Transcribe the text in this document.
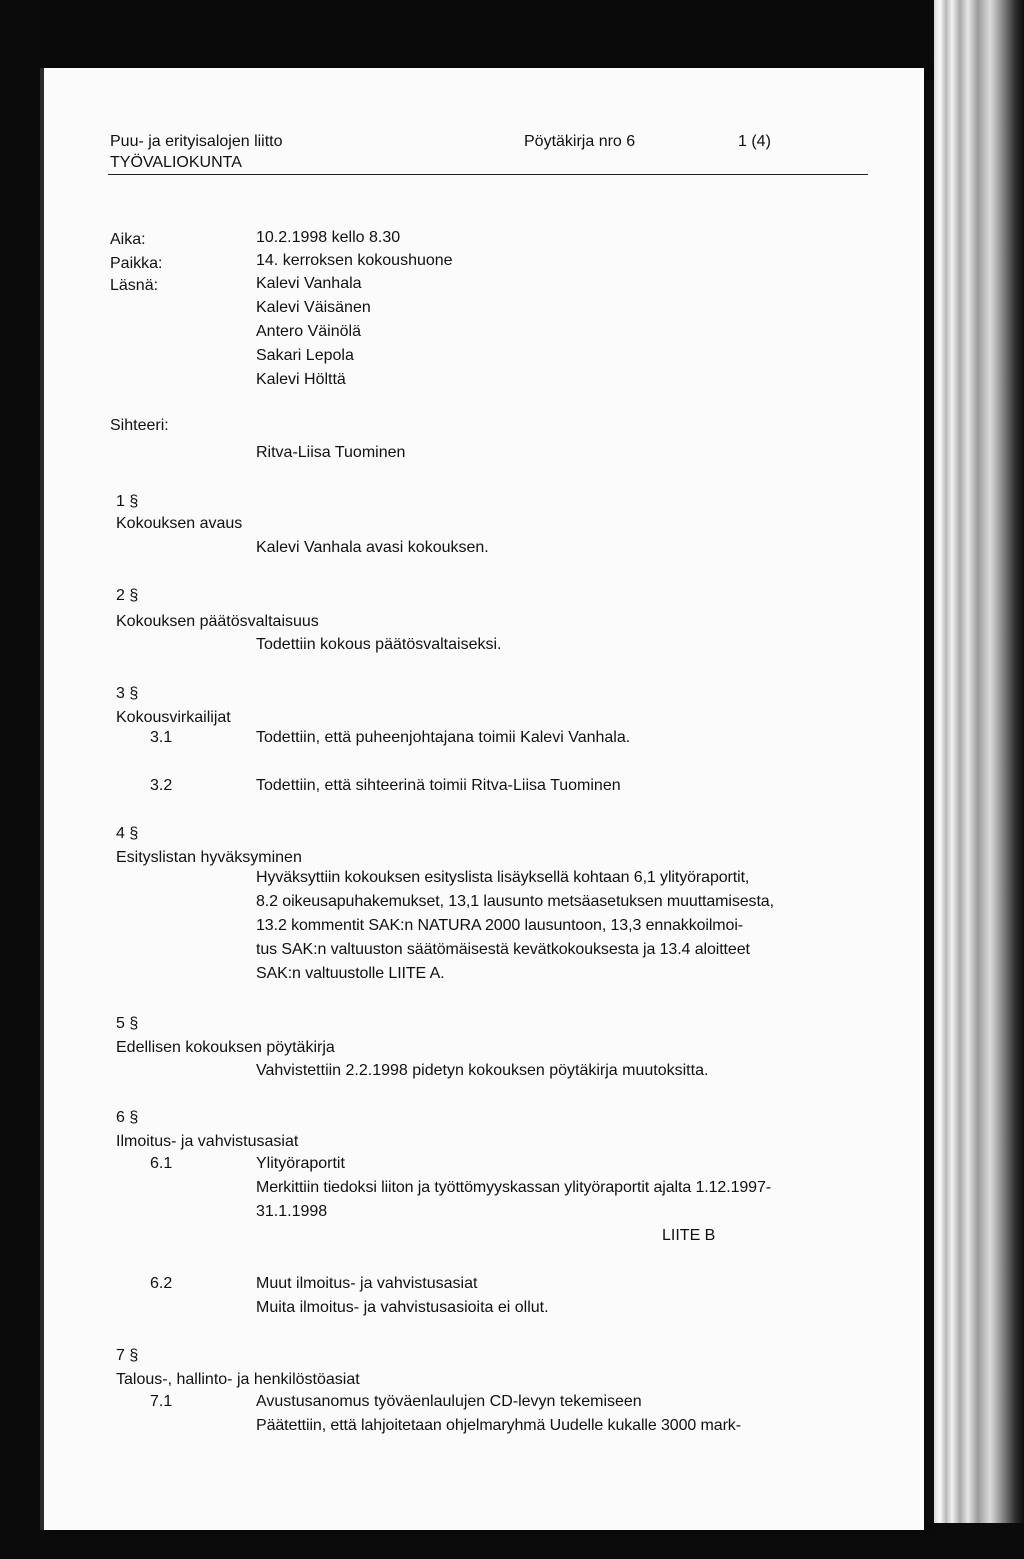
Puu- ja erityisalojen liitto
TYÖVALIOKUNTA
Pöytäkirja nro 6	1 (4)
Aika:	10.2.1998 kello 8.30
Paikka:	14. kerroksen kokoushuone
Läsnä:	Kalevi Vanhala
Kalevi Väisänen
Antero Väinölä
Sakari Lepola
Kalevi Hölttä
Sihteeri:
Ritva-Liisa Tuominen
1 §
Kokouksen avaus
Kalevi Vanhala avasi kokouksen.
2 §
Kokouksen päätösvaltaisuus
Todettiin kokous päätösvaltaiseksi.
3 §
Kokousvirkailijat
3.1	Todettiin, että puheenjohtajana toimii Kalevi Vanhala.
3.2	Todettiin, että sihteerinä toimii Ritva-Liisa Tuominen
4 §
Esityslistan hyväksyminen
Hyväksyttiin kokouksen esityslista lisäyksellä kohtaan 6,1 ylityöraportit,
8.2 oikeusapuhakemukset, 13,1 lausunto metsäasetuksen muuttamisesta,
13.2 kommentit SAK:n NATURA 2000 lausuntoon, 13,3 ennakkoilmoi-
tus SAK:n valtuuston säätömäisestä kevätkokouksesta ja 13.4 aloitteet
SAK:n valtuustolle LIITE A.
5 §
Edellisen kokouksen pöytäkirja
Vahvistettiin 2.2.1998 pidetyn kokouksen pöytäkirja muutoksitta.
6 §
Ilmoitus- ja vahvistusasiat
6.1	Ylityöraportit
Merkittiin tiedoksi liiton ja työttömyyskassan ylityöraportit ajalta 1.12.1997-
31.1.1998
LIITE B
6.2	Muut ilmoitus- ja vahvistusasiat
Muita ilmoitus- ja vahvistusasioita ei ollut.
7 §
Talous-, hallinto- ja henkilöstöasiat
7.1	Avustusanomus työväenlaulujen CD-levyn tekemiseen
Päätettiin, että lahjoitetaan ohjelmaryhmä Uudelle kukalle 3000 mark-
